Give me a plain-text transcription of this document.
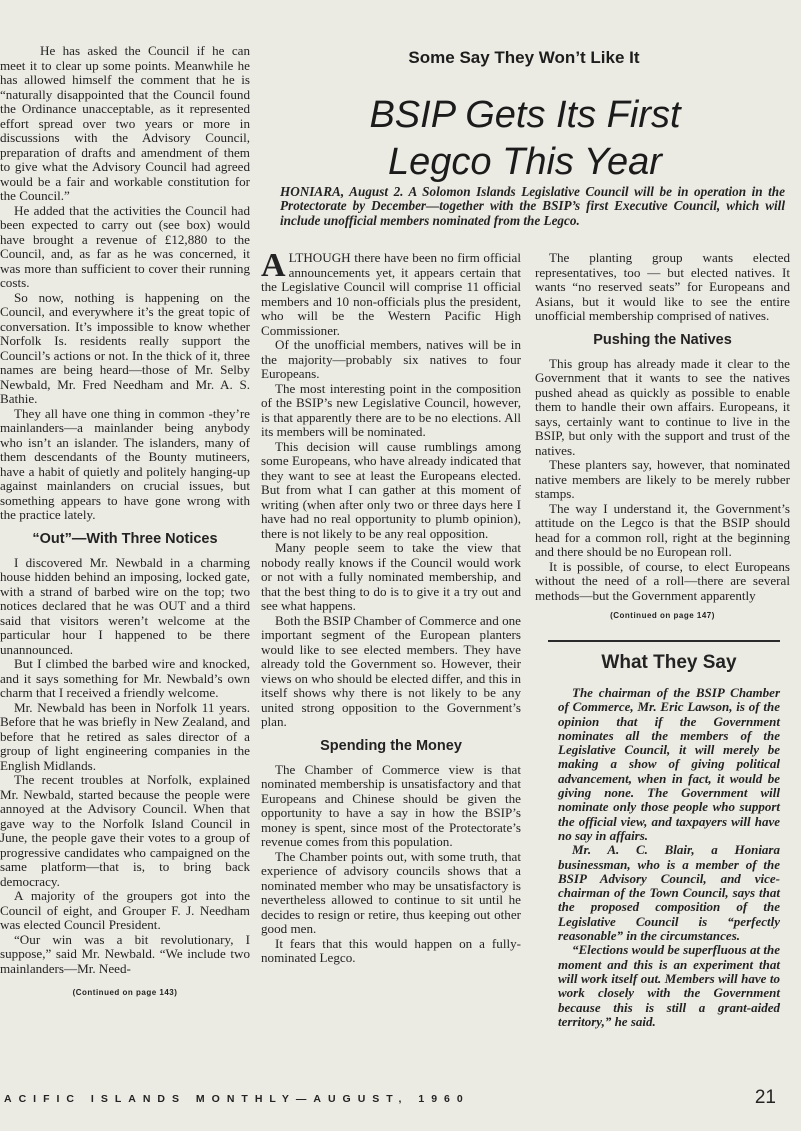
He has asked the Council if he can meet it to clear up some points. Meanwhile he has allowed himself the comment that he is “naturally disappointed that the Council found the Ordinance unacceptable, as it represented effort spread over two years or more in discussions with the Advisory Council, preparation of drafts and amendment of them to give what the Advisory Council had agreed would be a fair and workable constitution for the Council.”

He added that the activities the Council had been expected to carry out (see box) would have brought a revenue of £12,880 to the Council, and, as far as he was concerned, it was more than sufficient to cover their running costs.

So now, nothing is happening on the Council, and everywhere it’s the great topic of conversation. It’s impossible to know whether Norfolk Is. residents really support the Council’s actions or not. In the thick of it, three names are being heard—those of Mr. Selby Newbald, Mr. Fred Needham and Mr. A. S. Bathie.

They all have one thing in common -they’re mainlanders—a mainlander being anybody who isn’t an islander. The islanders, many of them descendants of the Bounty mutineers, have a habit of quietly and politely hanging-up against mainlanders on crucial issues, but something appears to have gone wrong with the practice lately.

“Out”—With Three Notices

I discovered Mr. Newbald in a charming house hidden behind an imposing, locked gate, with a strand of barbed wire on the top; two notices declared that he was OUT and a third said that visitors weren’t welcome at the particular hour I happened to be there unannounced.

But I climbed the barbed wire and knocked, and it says something for Mr. Newbald’s own charm that I received a friendly welcome.

Mr. Newbald has been in Norfolk 11 years. Before that he was briefly in New Zealand, and before that he retired as sales director of a group of light engineering companies in the English Midlands.

The recent troubles at Norfolk, explained Mr. Newbald, started because the people were annoyed at the Advisory Council. When that gave way to the Norfolk Island Council in June, the people gave their votes to a group of progressive candidates who campaigned on the same platform—that is, to bring back democracy.

A majority of the groupers got into the Council of eight, and Grouper F. J. Needham was elected Council President.

“Our win was a bit revolutionary, I suppose,” said Mr. Newbald. “We include two mainlanders—Mr. Need-

(Continued on page 143)
Some Say They Won’t Like It
BSIP Gets Its First
Legco This Year
HONIARA, August 2. A Solomon Islands Legislative Council will be in operation in the Protectorate by December—together with the BSIP’s first Executive Council, which will include unofficial members nominated from the Legco.

ALTHOUGH there have been no firm official announcements yet, it appears certain that the Legislative Council will comprise 11 official members and 10 non-officials plus the president, who will be the Western Pacific High Commissioner.

Of the unofficial members, natives will be in the majority—probably six natives to four Europeans.

The most interesting point in the composition of the BSIP’s new Legislative Council, however, is that apparently there are to be no elections. All its members will be nominated.

This decision will cause rumblings among some Europeans, who have already indicated that they want to see at least the Europeans elected. But from what I can gather at this moment of writing (when after only two or three days here I have had no real opportunity to plumb opinion), there is not likely to be any real opposition.

Many people seem to take the view that nobody really knows if the Council would work or not with a fully nominated membership, and that the best thing to do is to give it a try out and see what happens.

Both the BSIP Chamber of Commerce and one important segment of the European planters would like to see elected members. They have already told the Government so. However, their views on who should be elected differ, and this in itself shows why there is not likely to be any united strong opposition to the Government’s plan.

Spending the Money

The Chamber of Commerce view is that nominated membership is unsatisfactory and that Europeans and Chinese should be given the opportunity to have a say in how the BSIP’s money is spent, since most of the Protectorate’s revenue comes from this population.

The Chamber points out, with some truth, that experience of advisory councils shows that a nominated member who may be unsatisfactory is nevertheless allowed to continue to sit until he decides to resign or retire, thus keeping out other good men.

It fears that this would happen on a fully-nominated Legco.

The planting group wants elected representatives, too — but elected natives. It wants “no reserved seats” for Europeans and Asians, but it would like to see the entire unofficial membership comprised of natives.

Pushing the Natives

This group has already made it clear to the Government that it wants to see the natives pushed ahead as quickly as possible to enable them to handle their own affairs. Europeans, it says, certainly want to continue to live in the BSIP, but only with the support and trust of the natives.

These planters say, however, that nominated native members are likely to be merely rubber stamps.

The way I understand it, the Government’s attitude on the Legco is that the BSIP should head for a common roll, right at the beginning and there should be no European roll.

It is possible, of course, to elect Europeans without the need of a roll—there are several methods—but the Government apparently

(Continued on page 147)
What They Say

The chairman of the BSIP Chamber of Commerce, Mr. Eric Lawson, is of the opinion that if the Government nominates all the members of the Legislative Council, it will merely be making a show of giving political advancement, when in fact, it would be giving none. The Government will nominate only those people who support the official view, and taxpayers will have no say in affairs.

Mr. A. C. Blair, a Honiara businessman, who is a member of the BSIP Advisory Council, and vice-chairman of the Town Council, says that the proposed composition of the Legislative Council is “perfectly reasonable” in the circumstances.

“Elections would be superfluous at the moment and this is an experiment that will work itself out. Members will have to work closely with the Government because this is still a grant-aided territory,” he said.

ACIFIC ISLANDS MONTHLY—AUGUST, 1960	21
